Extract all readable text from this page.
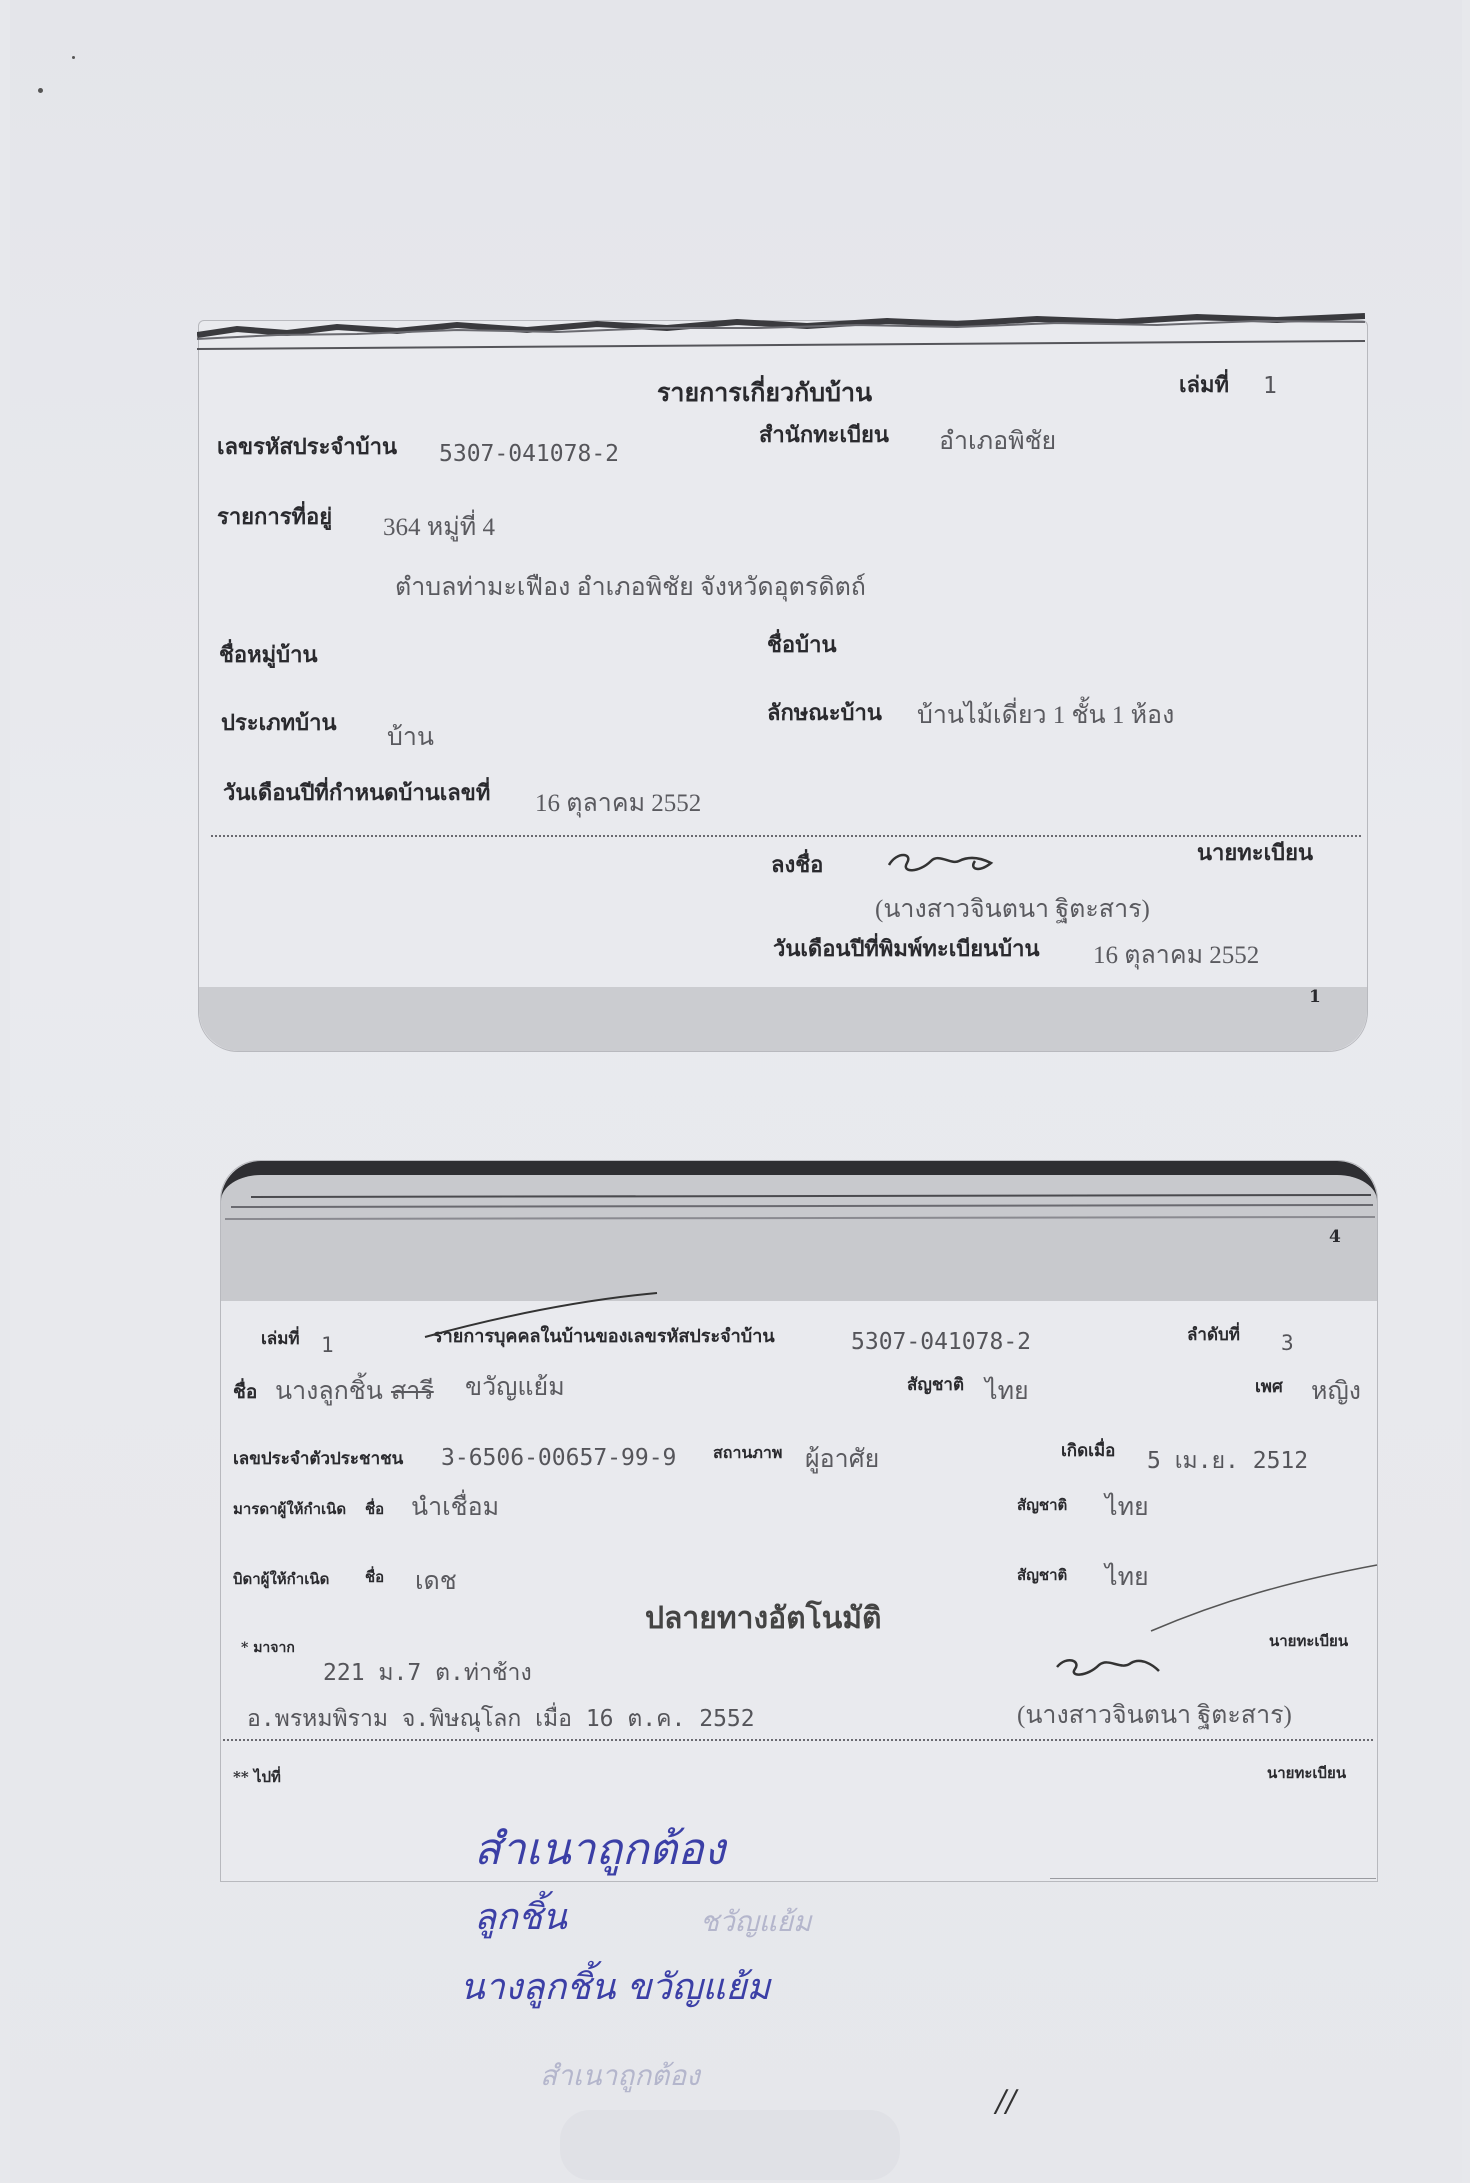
รายการเกี่ยวกับบ้าน	เล่มที่ 1
เลขรหัสประจำบ้าน 5307-041078-2
สำนักทะเบียน อำเภอพิชัย
รายการที่อยู่ 364 หมู่ที่ 4
ตำบลท่ามะเฟือง อำเภอพิชัย จังหวัดอุตรดิตถ์
ชื่อหมู่บ้าน	ชื่อบ้าน
ประเภทบ้าน
บ้าน
ลักษณะบ้าน บ้านไม้เดี่ยว 1 ชั้น 1 ห้อง
วันเดือนปีที่กำหนดบ้านเลขที่ 16 ตุลาคม 2552
ลงชื่อ	นายทะเบียน
(นางสาวจินตนา ฐิตะสาร)
วันเดือนปีที่พิมพ์ทะเบียนบ้าน 16 ตุลาคม 2552
1
4
เล่มที่ 1	รายการบุคคลในบ้านของเลขรหัสประจำบ้าน	5307-041078-2	ลำดับที่ 3
ชื่อ นางลูกชิ้น สารี ขวัญแย้ม	สัญชาติ ไทย	เพศ หญิง
เลขประจำตัวประชาชน 3-6506-00657-99-9 สถานภาพ ผู้อาศัย	เกิดเมื่อ 5 เม.ย. 2512
มารดาผู้ให้กำเนิด ชื่อ นำเชื่อม	สัญชาติ ไทย
บิดาผู้ให้กำเนิด ชื่อ เดช	สัญชาติ ไทย
ปลายทางอัตโนมัติ
* มาจาก	นายทะเบียน
221 ม.7 ต.ท่าช้าง
อ.พรหมพิราม จ.พิษณุโลก เมื่อ 16 ต.ค. 2552	(นางสาวจินตนา ฐิตะสาร)
** ไปที่	นายทะเบียน
สำเนาถูกต้อง
ลูกชิ้น
นางลูกชิ้น ขวัญแย้ม
ชวัญแย้ม
สำเนาถูกต้อง
//
